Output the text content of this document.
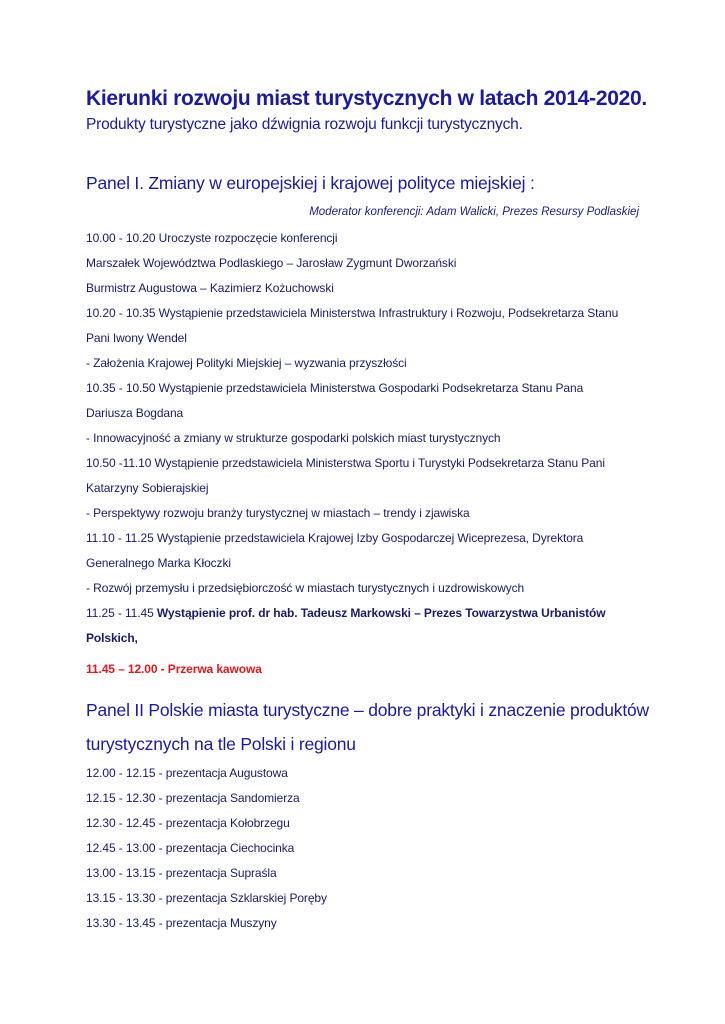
Kierunki rozwoju miast turystycznych w latach 2014-2020.
Produkty turystyczne jako dźwignia rozwoju funkcji turystycznych.
Panel I. Zmiany w europejskiej i krajowej polityce miejskiej :
Moderator konferencji: Adam Walicki, Prezes Resursy Podlaskiej
10.00 - 10.20 Uroczyste rozpoczęcie konferencji
Marszałek Województwa Podlaskiego – Jarosław Zygmunt Dworzański
Burmistrz Augustowa – Kazimierz Kożuchowski
10.20 - 10.35 Wystąpienie przedstawiciela Ministerstwa Infrastruktury i Rozwoju, Podsekretarza Stanu
Pani Iwony Wendel
- Założenia Krajowej Polityki Miejskiej – wyzwania przyszłości
10.35 - 10.50 Wystąpienie przedstawiciela Ministerstwa Gospodarki Podsekretarza Stanu Pana
Dariusza Bogdana
- Innowacyjność a zmiany w strukturze gospodarki polskich miast turystycznych
10.50 -11.10 Wystąpienie przedstawiciela Ministerstwa Sportu i Turystyki Podsekretarza Stanu Pani
Katarzyny Sobierajskiej
- Perspektywy rozwoju branży turystycznej w miastach – trendy i zjawiska
11.10 - 11.25 Wystąpienie przedstawiciela Krajowej Izby Gospodarczej Wiceprezesa, Dyrektora
Generalnego Marka Kłoczki
- Rozwój przemysłu i przedsiębiorczość w miastach turystycznych i uzdrowiskowych
11.25 - 11.45 Wystąpienie prof. dr hab. Tadeusz Markowski – Prezes Towarzystwa Urbanistów
Polskich,
11.45 – 12.00 - Przerwa kawowa
Panel II Polskie miasta turystyczne – dobre praktyki i znaczenie produktów
turystycznych na tle Polski i regionu
12.00 - 12.15 - prezentacja Augustowa
12.15 - 12.30 - prezentacja Sandomierza
12.30 - 12.45 - prezentacja Kołobrzegu
12.45 - 13.00 - prezentacja Ciechocinka
13.00 - 13.15 - prezentacja Supraśla
13.15 - 13.30 - prezentacja Szklarskiej Poręby
13.30 - 13.45 - prezentacja Muszyny
